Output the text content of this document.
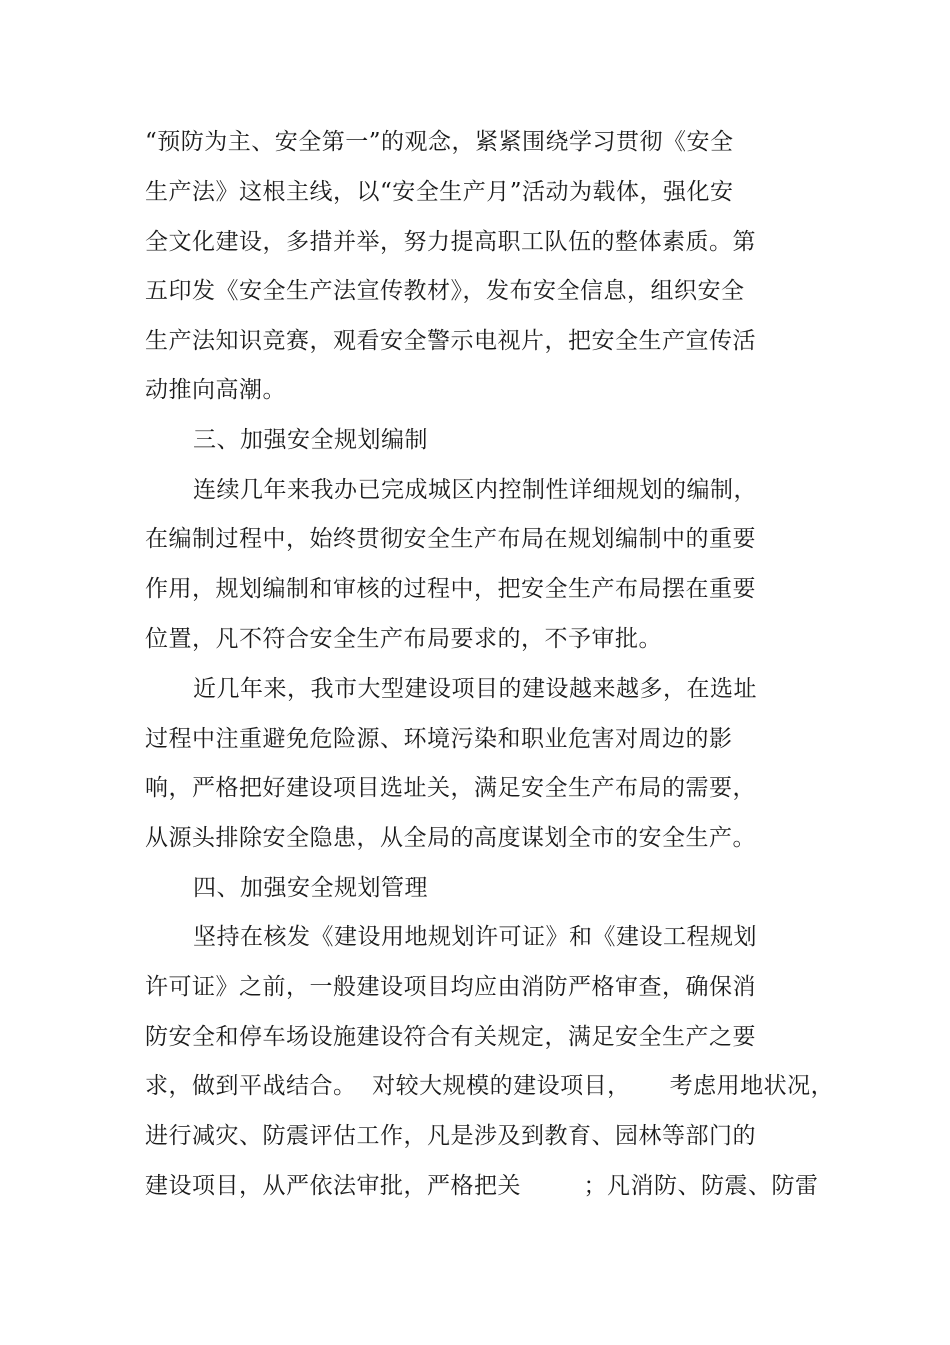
“预防为主、安全第一”的观念，紧紧围绕学习贯彻《安全
生产法》这根主线，以“安全生产月”活动为载体，强化安
全文化建设，多措并举，努力提高职工队伍的整体素质。第
五印发《安全生产法宣传教材》，发布安全信息，组织安全
生产法知识竞赛，观看安全警示电视片，把安全生产宣传活
动推向高潮。
三、加强安全规划编制
连续几年来我办已完成城区内控制性详细规划的编制，
在编制过程中，始终贯彻安全生产布局在规划编制中的重要
作用，规划编制和审核的过程中，把安全生产布局摆在重要
位置，凡不符合安全生产布局要求的，不予审批。
近几年来，我市大型建设项目的建设越来越多，在选址
过程中注重避免危险源、环境污染和职业危害对周边的影
响，严格把好建设项目选址关，满足安全生产布局的需要，
从源头排除安全隐患，从全局的高度谋划全市的安全生产。
四、加强安全规划管理
坚持在核发《建设用地规划许可证》和《建设工程规划
许可证》之前，一般建设项目均应由消防严格审查，确保消
防安全和停车场设施建设符合有关规定，满足安全生产之要
求，做到平战结合。  对较大规模的建设项目，     考虑用地状况，
进行减灾、防震评估工作，凡是涉及到教育、园林等部门的
建设项目，从严依法审批，严格把关        ；凡消防、防震、防雷
